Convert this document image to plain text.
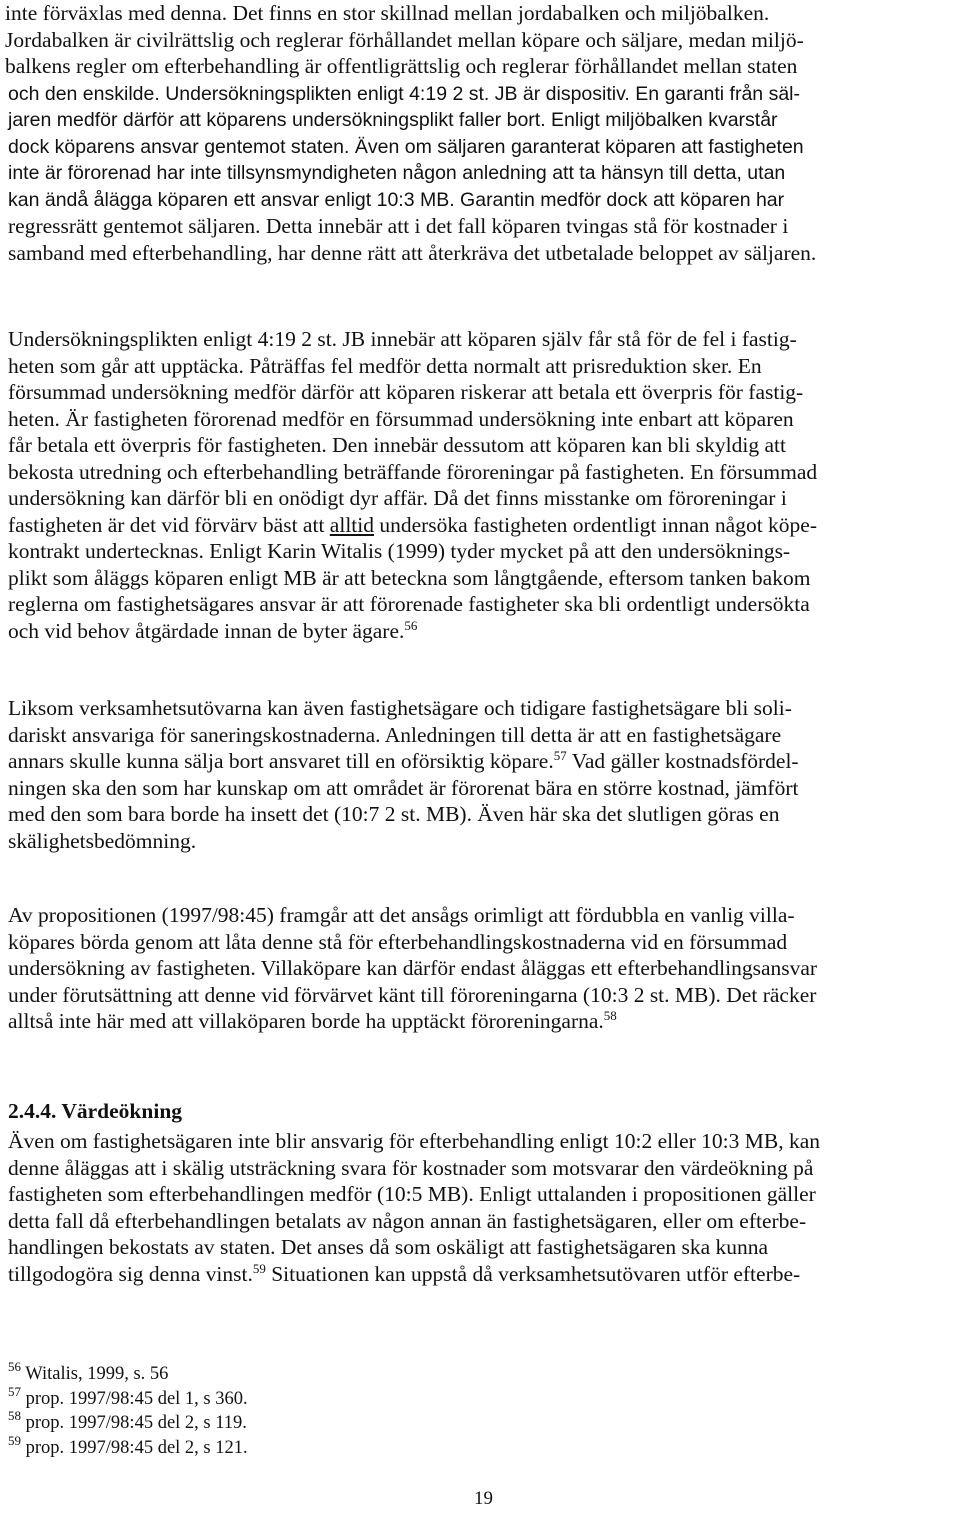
inte förväxlas med denna. Det finns en stor skillnad mellan jordabalken och miljöbalken.
Jordabalken är civilrättslig och reglerar förhållandet mellan köpare och säljare, medan miljö-
balkens regler om efterbehandling är offentligrättslig och reglerar förhållandet mellan staten
och den enskilde. Undersökningsplikten enligt 4:19 2 st. JB är dispositiv. En garanti från säl-
jaren medför därför att köparens undersökningsplikt faller bort. Enligt miljöbalken kvarstår
dock köparens ansvar gentemot staten. Även om säljaren garanterat köparen att fastigheten
inte är förorenad har inte tillsynsmyndigheten någon anledning att ta hänsyn till detta, utan
kan ändå ålägga köparen ett ansvar enligt 10:3 MB. Garantin medför dock att köparen har
regressrätt gentemot säljaren. Detta innebär att i det fall köparen tvingas stå för kostnader i
samband med efterbehandling, har denne rätt att återkräva det utbetalade beloppet av säljaren.

Undersökningsplikten enligt 4:19 2 st. JB innebär att köparen själv får stå för de fel i fastig-
heten som går att upptäcka. Påträffas fel medför detta normalt att prisreduktion sker. En
försummad undersökning medför därför att köparen riskerar att betala ett överpris för fastig-
heten. Är fastigheten förorenad medför en försummad undersökning inte enbart att köparen
får betala ett överpris för fastigheten. Den innebär dessutom att köparen kan bli skyldig att
bekosta utredning och efterbehandling beträffande föroreningar på fastigheten. En försummad
undersökning kan därför bli en onödigt dyr affär. Då det finns misstanke om föroreningar i
fastigheten är det vid förvärv bäst att alltid undersöka fastigheten ordentligt innan något köpe-
kontrakt undertecknas. Enligt Karin Witalis (1999) tyder mycket på att den undersöknings-
plikt som åläggs köparen enligt MB är att beteckna som långtgående, eftersom tanken bakom
reglerna om fastighetsägares ansvar är att förorenade fastigheter ska bli ordentligt undersökta
och vid behov åtgärdade innan de byter ägare.$^{56}$

Liksom verksamhetsutövarna kan även fastighetsägare och tidigare fastighetsägare bli soli-
dariskt ansvariga för saneringskostnaderna. Anledningen till detta är att en fastighetsägare
annars skulle kunna sälja bort ansvaret till en oförsiktig köpare.$^{57}$ Vad gäller kostnadsfördel-
ningen ska den som har kunskap om att området är förorenat bära en större kostnad, jämfört
med den som bara borde ha insett det (10:7 2 st. MB). Även här ska det slutligen göras en
skälighetsbedömning.

Av propositionen (1997/98:45) framgår att det ansågs orimligt att fördubbla en vanlig villa-
köpares börda genom att låta denne stå för efterbehandlingskostnaderna vid en försummad
undersökning av fastigheten. Villaköpare kan därför endast åläggas ett efterbehandlingsansvar
under förutsättning att denne vid förvärvet känt till föroreningarna (10:3 2 st. MB). Det räcker
alltså inte här med att villaköparen borde ha upptäckt föroreningarna.$^{58}$

2.4.4. Värdeökning

Även om fastighetsägaren inte blir ansvarig för efterbehandling enligt 10:2 eller 10:3 MB, kan
denne åläggas att i skälig utsträckning svara för kostnader som motsvarar den värdeökning på
fastigheten som efterbehandlingen medför (10:5 MB). Enligt uttalanden i propositionen gäller
detta fall då efterbehandlingen betalats av någon annan än fastighetsägaren, eller om efterbe-
handlingen bekostats av staten. Det anses då som oskäligt att fastighetsägaren ska kunna
tillgodogöra sig denna vinst.$^{59}$ Situationen kan uppstå då verksamhetsutövaren utför efterbe-

$^{56}$ Witalis, 1999, s. 56
$^{57}$ prop. 1997/98:45 del 1, s 360.
$^{58}$ prop. 1997/98:45 del 2, s 119.
$^{59}$ prop. 1997/98:45 del 2, s 121.
19
